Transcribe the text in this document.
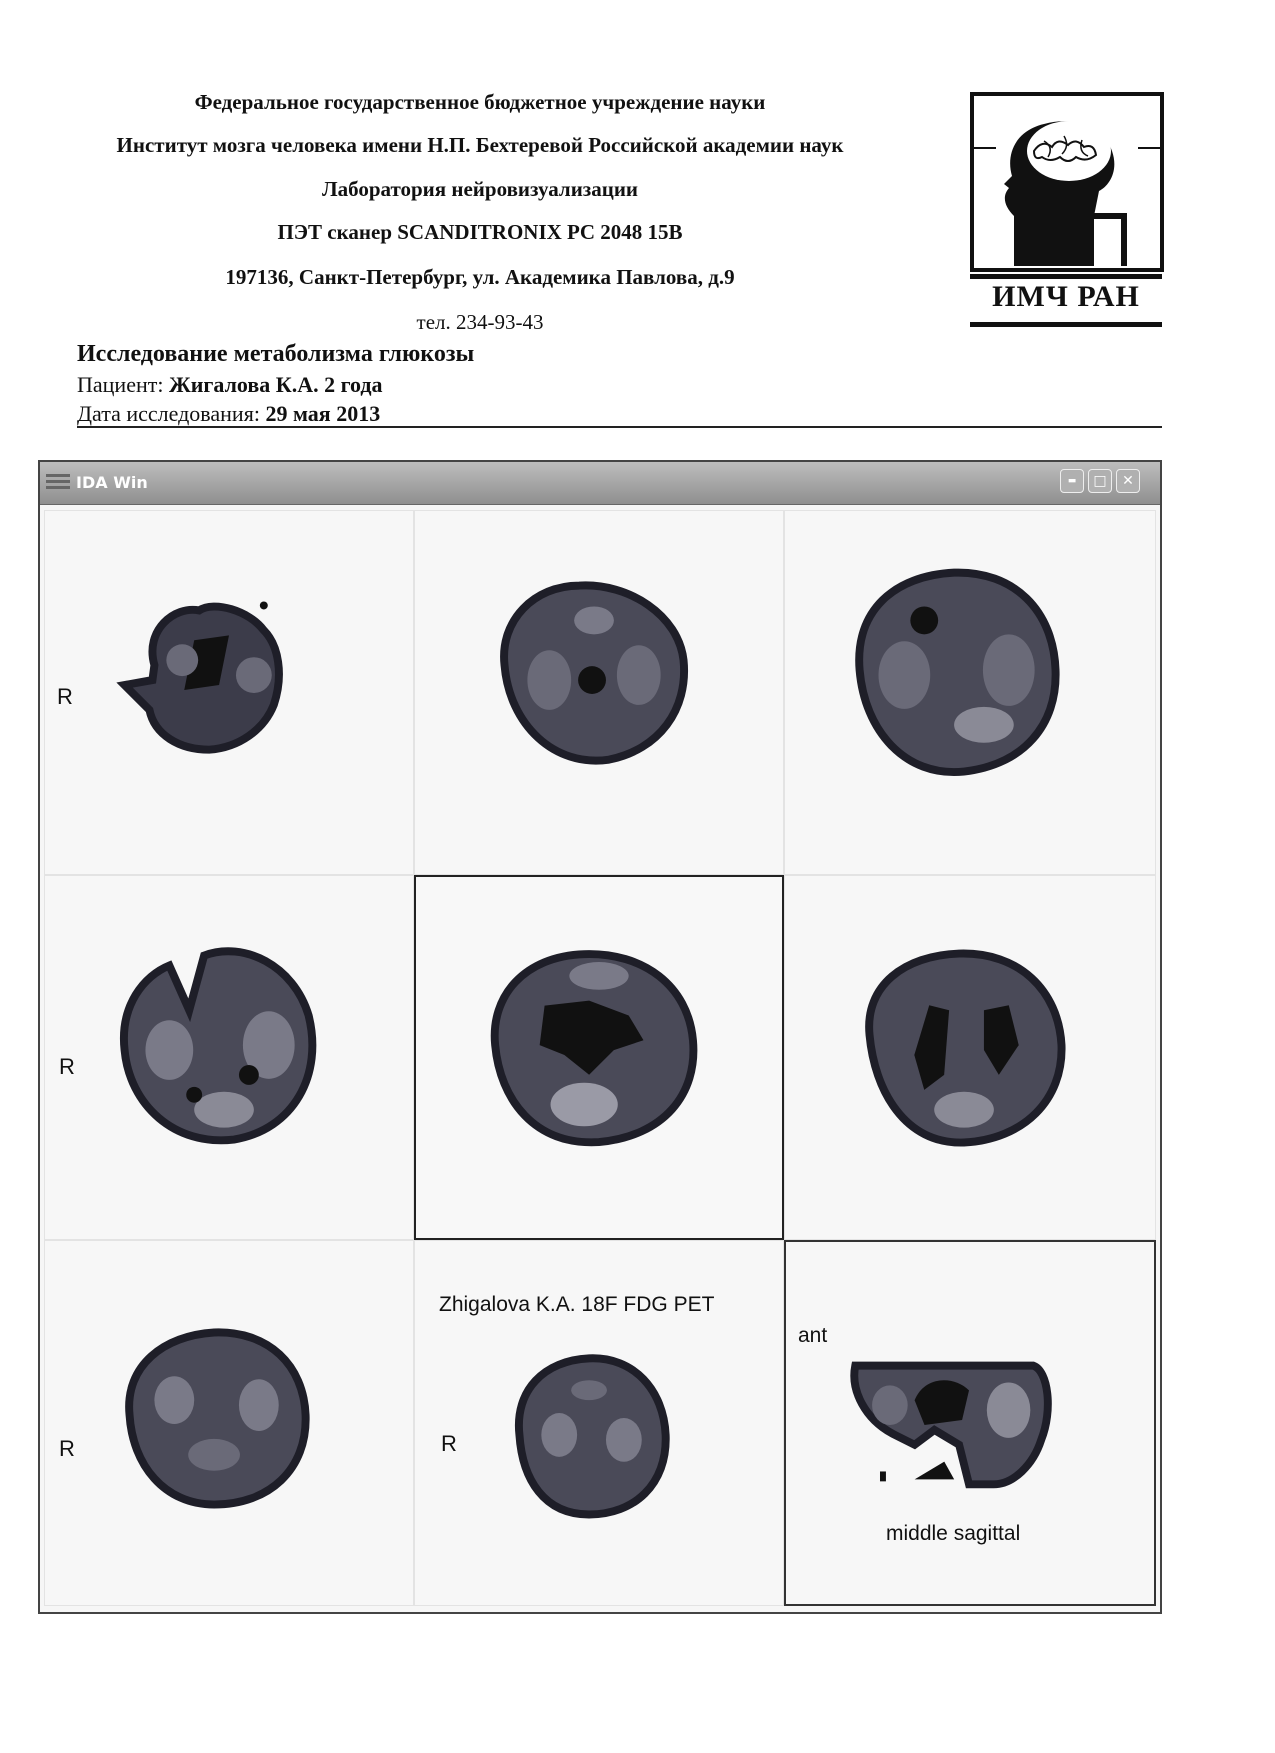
Федеральное государственное бюджетное учреждение науки
Институт мозга человека имени Н.П. Бехтеревой Российской академии наук
Лаборатория нейровизуализации
ПЭТ сканер SCANDITRONIX PC 2048 15B
197136, Санкт-Петербург, ул. Академика Павлова, д.9
тел. 234-93-43
ИМЧ РАН
Исследование метаболизма глюкозы
Пациент: Жигалова К.А. 2 года
Дата исследования: 29 мая 2013
IDA Win	▬	□	✕
R
R
R
Zhigalova K.A. 18F FDG PET
R
ant
middle sagittal
